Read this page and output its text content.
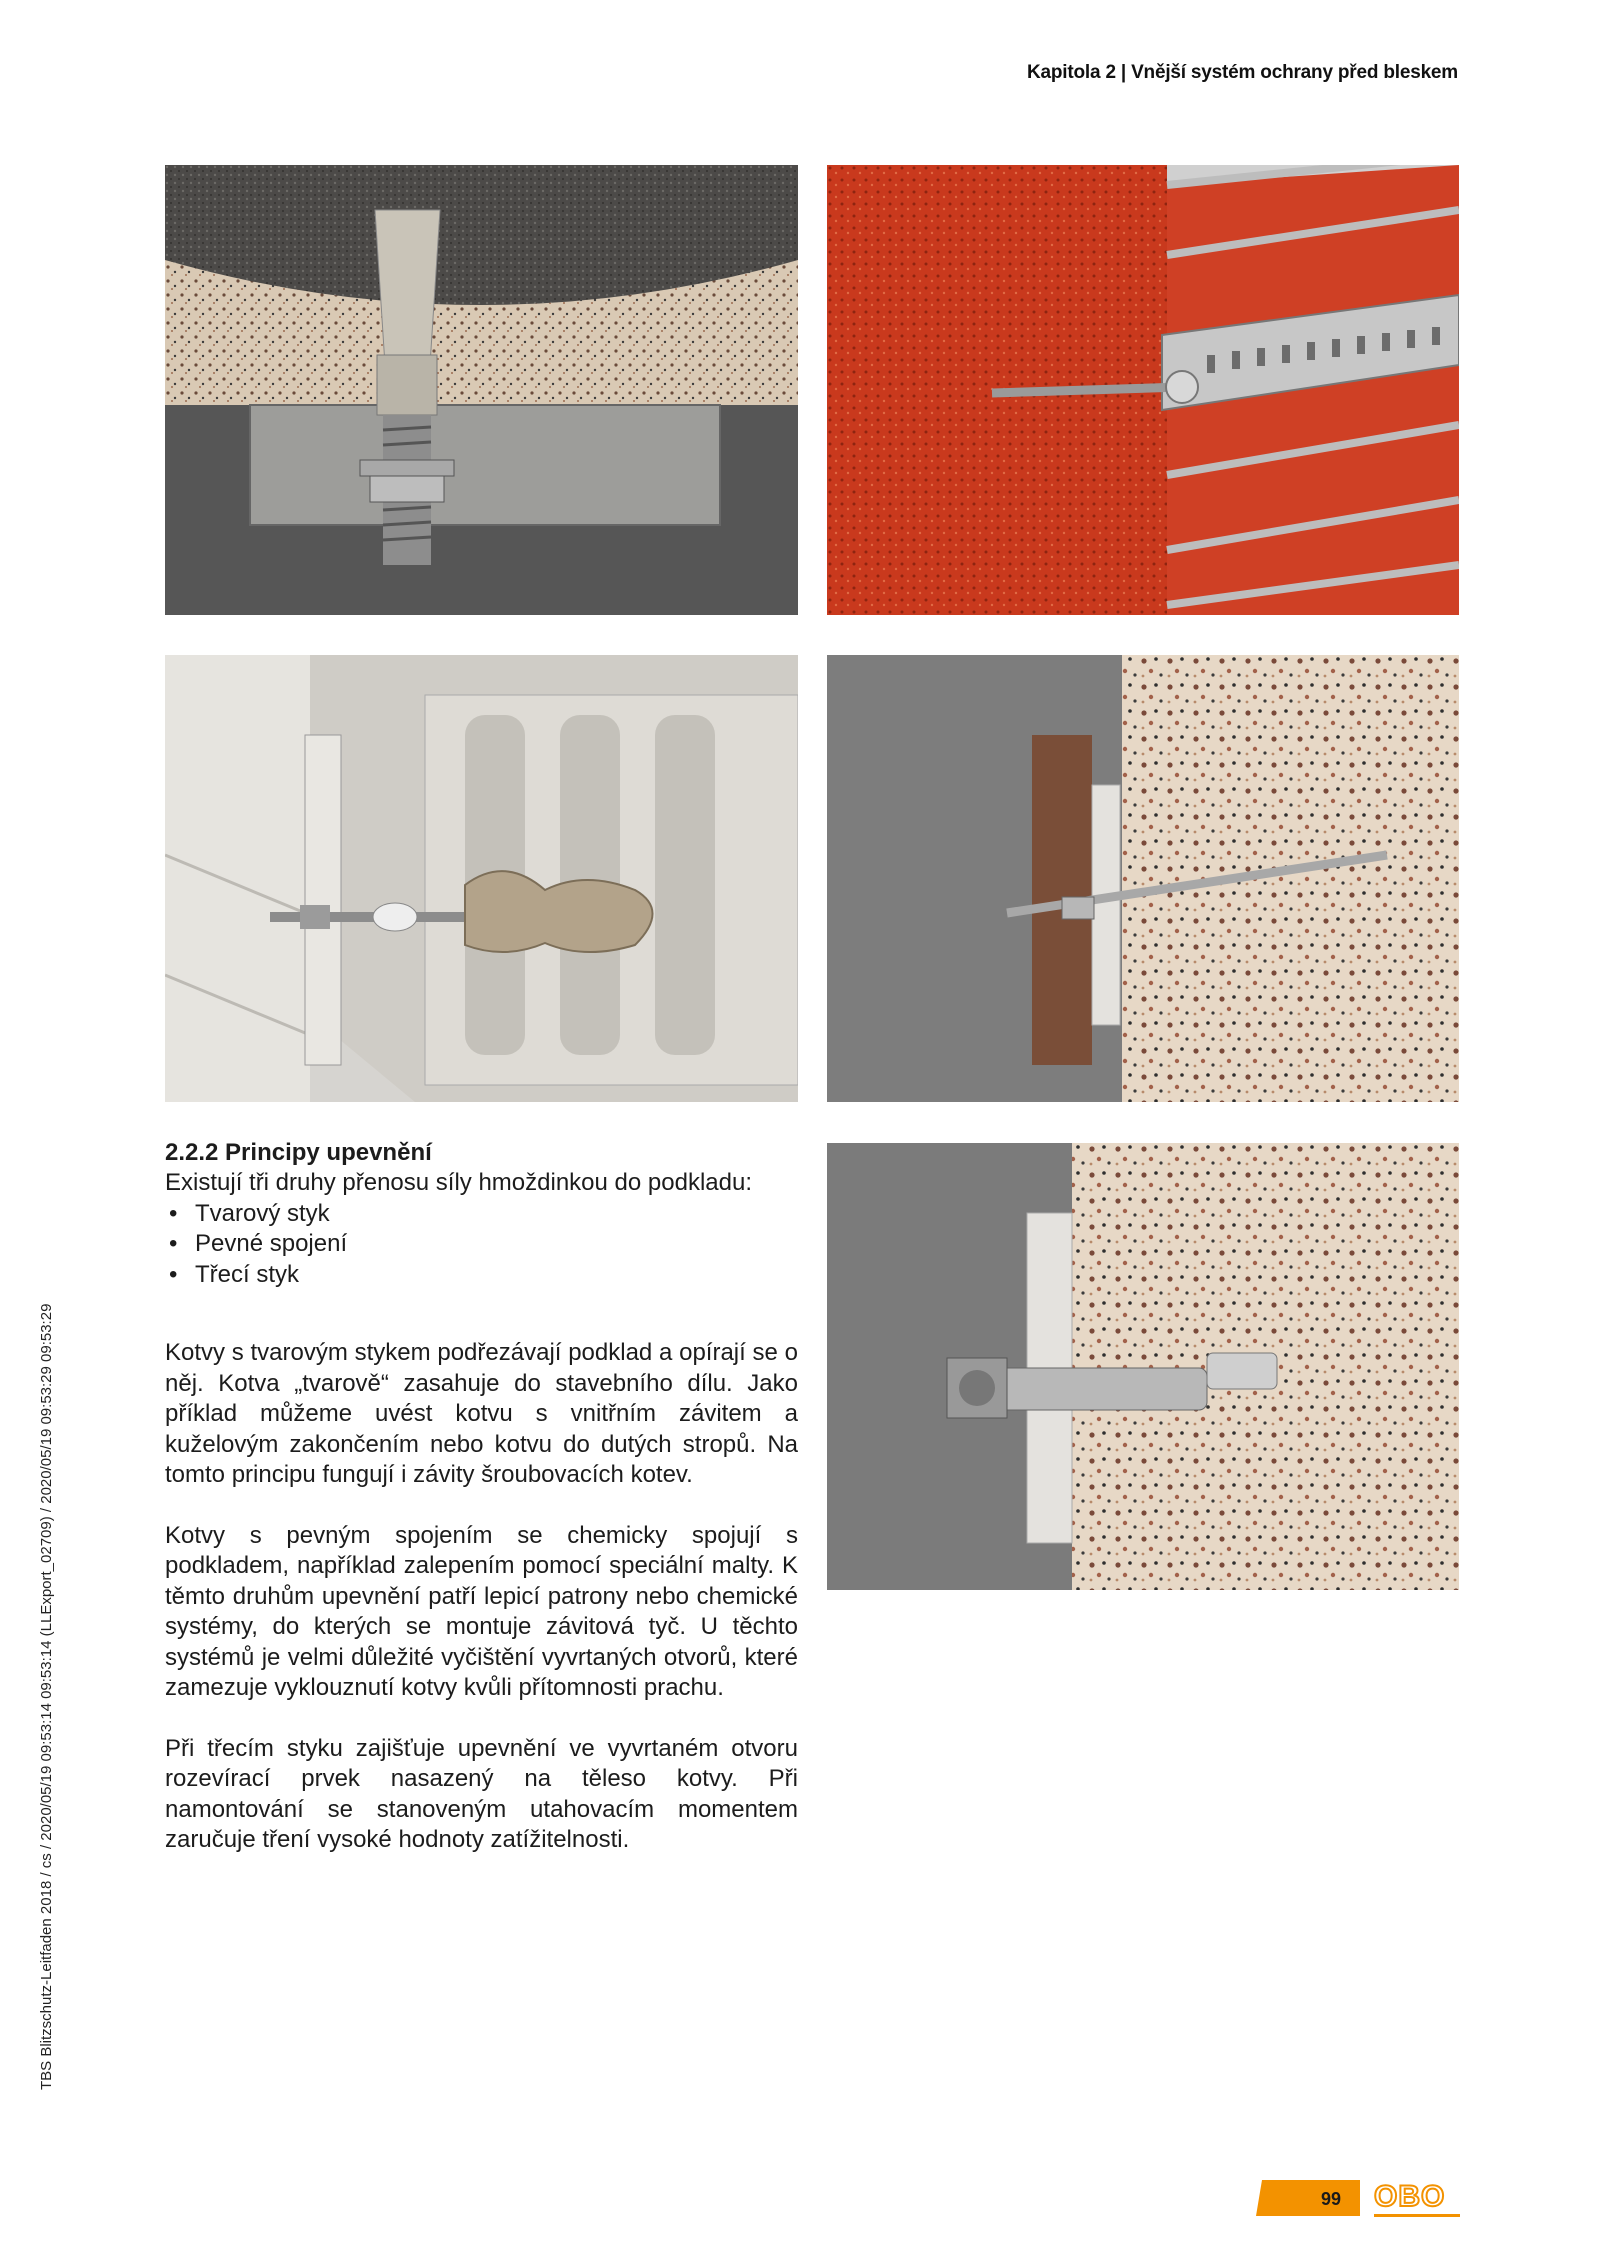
Kapitola 2 | Vnější systém ochrany před bleskem
2.2.2 Principy upevnění

Existují tři druhy přenosu síly hmoždinkou do podkladu:

• Tvarový styk
• Pevné spojení
• Třecí styk

Kotvy s tvarovým stykem podřezávají podklad a opírají se o něj. Kotva „tvarově“ zasahuje do stavebního dílu. Jako příklad můžeme uvést kotvu s vnitřním závitem a kuželovým zakončením nebo kotvu do dutých stropů. Na tomto principu fungují i závity šroubovacích kotev.

Kotvy s pevným spojením se chemicky spojují s podkladem, například zalepením pomocí speciální malty. K těmto druhům upevnění patří lepicí patrony nebo chemické systémy, do kterých se montuje závitová tyč. U těchto systémů je velmi důležité vyčištění vyvrtaných otvorů, které zamezuje vyklouznutí kotvy kvůli přítomnosti prachu.

Při třecím styku zajišťuje upevnění ve vyvrtaném otvoru rozevírací prvek nasazený na těleso kotvy. Při namontování se stanoveným utahovacím momentem zaručuje tření vysoké hodnoty zatížitelnosti.

TBS Blitzschutz-Leitfaden 2018 / cs / 2020/05/19 09:53:14 09:53:14 (LLExport_02709) / 2020/05/19 09:53:29 09:53:29
99	OBO
